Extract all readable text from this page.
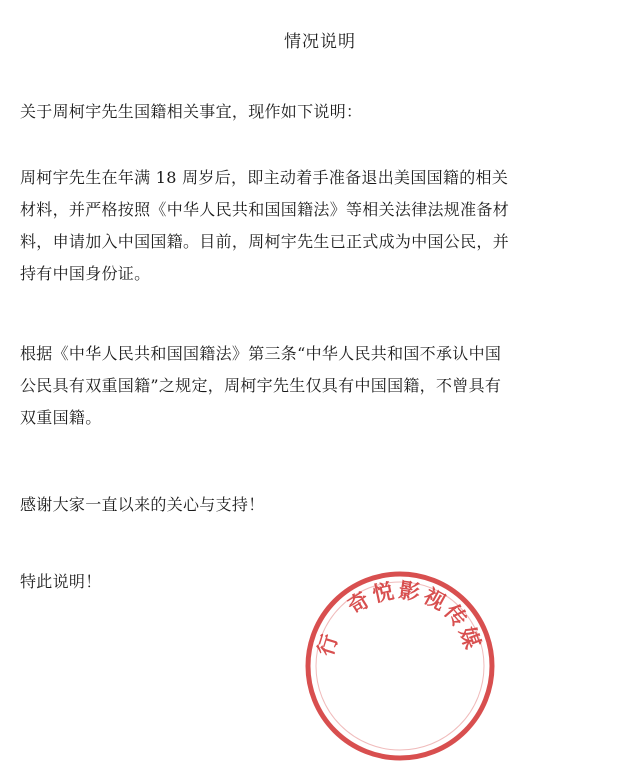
情况说明
关于周柯宇先生国籍相关事宜，现作如下说明：
周柯宇先生在年满 18 周岁后，即主动着手准备退出美国国籍的相关
材料，并严格按照《中华人民共和国国籍法》等相关法律法规准备材
料，申请加入中国国籍。目前，周柯宇先生已正式成为中国公民，并
持有中国身份证。
根据《中华人民共和国国籍法》第三条“中华人民共和国不承认中国
公民具有双重国籍”之规定，周柯宇先生仅具有中国国籍，不曾具有
双重国籍。
感谢大家一直以来的关心与支持！
特此说明！
行　奇悦影视传媒
